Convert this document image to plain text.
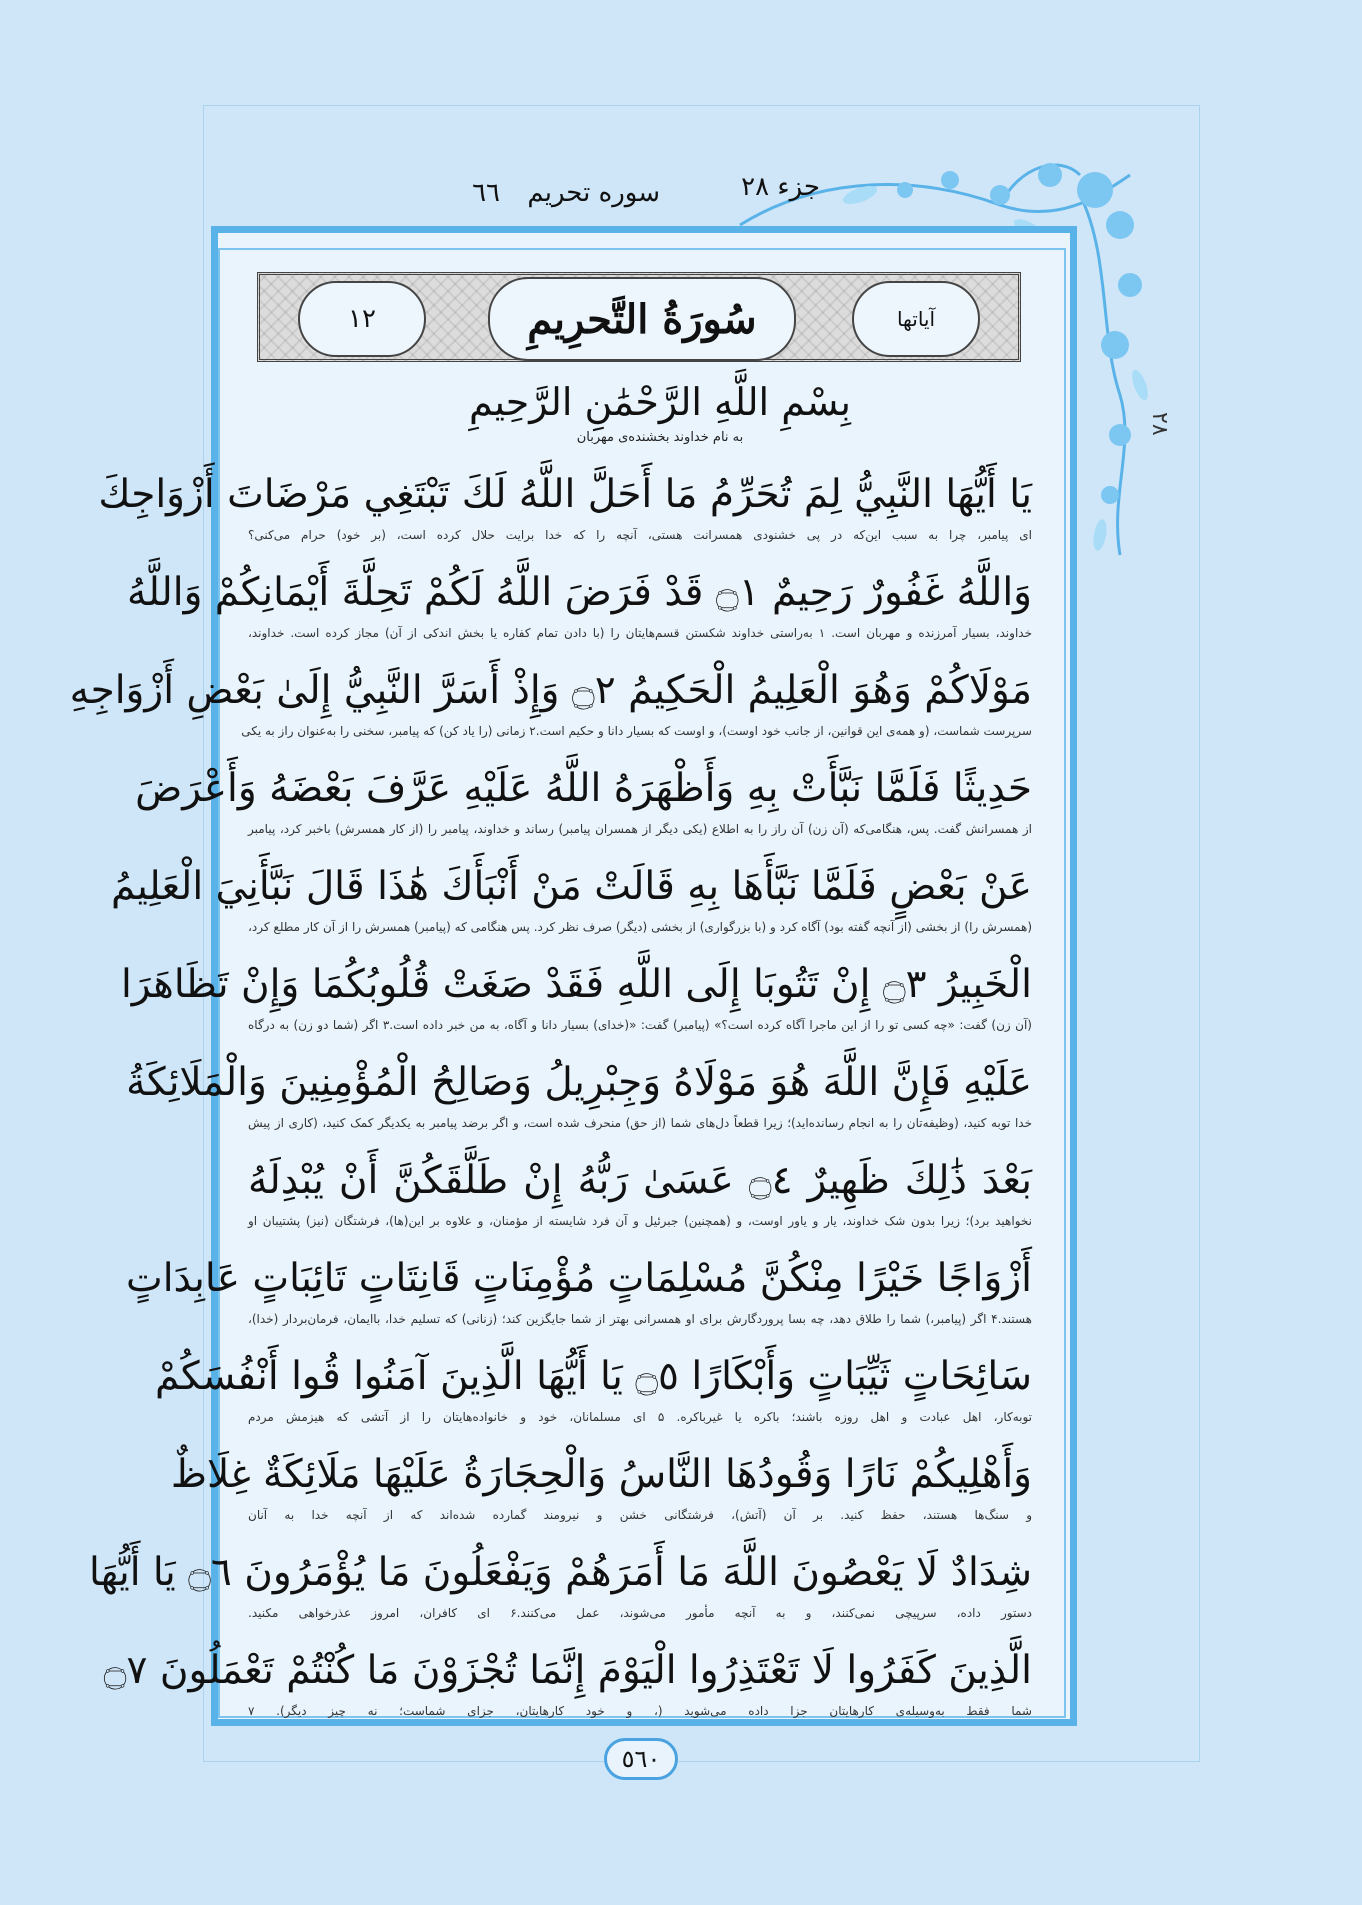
جزء ۲۸
سوره تحریم
٦٦
۲۸
آیاتها
سُورَةُ التَّحرِيمِ
١٢
بِسْمِ اللَّهِ الرَّحْمَٰنِ الرَّحِيمِ
به نام خداوند بخشنده‌ی مهربان
يَا أَيُّهَا النَّبِيُّ لِمَ تُحَرِّمُ مَا أَحَلَّ اللَّهُ لَكَ تَبْتَغِي مَرْضَاتَ أَزْوَاجِكَ
ای پیامبر، چرا به سبب این‌که در پی خشنودی همسرانت هستی، آنچه را که خدا برایت حلال کرده است، (بر خود) حرام می‌کنی؟
وَاللَّهُ غَفُورٌ رَحِيمٌ ۝١ قَدْ فَرَضَ اللَّهُ لَكُمْ تَحِلَّةَ أَيْمَانِكُمْ وَاللَّهُ
خداوند، بسیار آمرزنده و مهربان است. ۱ به‌راستی خداوند شکستن قسم‌هایتان را (با دادن تمام کفاره یا بخش اندکی از آن) مجاز کرده است. خداوند،
مَوْلَاكُمْ وَهُوَ الْعَلِيمُ الْحَكِيمُ ۝٢ وَإِذْ أَسَرَّ النَّبِيُّ إِلَىٰ بَعْضِ أَزْوَاجِهِ
سرپرست شماست، (و همه‌ی این قوانین، از جانب خود اوست)، و اوست که بسیار دانا و حکیم است.۲ زمانی (را یاد کن) که پیامبر، سخنی را به‌عنوان راز به یکی
حَدِيثًا فَلَمَّا نَبَّأَتْ بِهِ وَأَظْهَرَهُ اللَّهُ عَلَيْهِ عَرَّفَ بَعْضَهُ وَأَعْرَضَ
از همسرانش گفت. پس، هنگامی‌که (آن زن) آن راز را به اطلاع (یکی دیگر از همسران پیامبر) رساند و خداوند، پیامبر را (از کار همسرش) باخبر کرد، پیامبر
عَنْ بَعْضٍ فَلَمَّا نَبَّأَهَا بِهِ قَالَتْ مَنْ أَنْبَأَكَ هَٰذَا قَالَ نَبَّأَنِيَ الْعَلِيمُ
(همسرش را) از بخشی (از آنچه گفته بود) آگاه کرد و (با بزرگواری) از بخشی (دیگر) صرف نظر کرد. پس هنگامی که (پیامبر) همسرش را از آن کار مطلع کرد،
الْخَبِيرُ ۝٣ إِنْ تَتُوبَا إِلَى اللَّهِ فَقَدْ صَغَتْ قُلُوبُكُمَا وَإِنْ تَظَاهَرَا
(آن زن) گفت: «چه کسی تو را از این ماجرا آگاه کرده است؟» (پیامبر) گفت: «(خدای) بسیار دانا و آگاه، به من خبر داده است.۳ اگر (شما دو زن) به درگاه
عَلَيْهِ فَإِنَّ اللَّهَ هُوَ مَوْلَاهُ وَجِبْرِيلُ وَصَالِحُ الْمُؤْمِنِينَ وَالْمَلَائِكَةُ
خدا توبه کنید، (وظیفه‌تان را به انجام رسانده‌اید)؛ زیرا قطعاً دل‌های شما (از حق) منحرف شده است، و اگر برضد پیامبر به یکدیگر کمک کنید، (کاری از پیش
بَعْدَ ذَٰلِكَ ظَهِيرٌ ۝٤ عَسَىٰ رَبُّهُ إِنْ طَلَّقَكُنَّ أَنْ يُبْدِلَهُ
نخواهید برد)؛ زیرا بدون شک خداوند، یار و یاور اوست، و (همچنین) جبرئیل و آن فرد شایسته از مؤمنان، و علاوه بر این(ها)، فرشتگان (نیز) پشتیبان او
أَزْوَاجًا خَيْرًا مِنْكُنَّ مُسْلِمَاتٍ مُؤْمِنَاتٍ قَانِتَاتٍ تَائِبَاتٍ عَابِدَاتٍ
هستند.۴ اگر (پیامبر،) شما را طلاق دهد، چه بسا پروردگارش برای او همسرانی بهتر از شما جایگزین کند؛ (زنانی) که تسلیم خدا، باایمان، فرمان‌بردار (خدا)،
سَائِحَاتٍ ثَيِّبَاتٍ وَأَبْكَارًا ۝٥ يَا أَيُّهَا الَّذِينَ آمَنُوا قُوا أَنْفُسَكُمْ
توبه‌کار، اهل عبادت و اهل روزه باشند؛ باکره یا غیرباکره. ۵ ای مسلمانان، خود و خانواده‌هایتان را از آتشی که هیزمش مردم
وَأَهْلِيكُمْ نَارًا وَقُودُهَا النَّاسُ وَالْحِجَارَةُ عَلَيْهَا مَلَائِكَةٌ غِلَاظٌ
و سنگ‌ها هستند، حفظ کنید. بر آن (آتش)، فرشتگانی خشن و نیرومند گمارده شده‌اند که از آنچه خدا به آنان
شِدَادٌ لَا يَعْصُونَ اللَّهَ مَا أَمَرَهُمْ وَيَفْعَلُونَ مَا يُؤْمَرُونَ ۝٦ يَا أَيُّهَا
دستور داده، سرپیچی نمی‌کنند، و به آنچه مأمور می‌شوند، عمل می‌کنند.۶ ای کافران، امروز عذرخواهی مکنید.
الَّذِينَ كَفَرُوا لَا تَعْتَذِرُوا الْيَوْمَ إِنَّمَا تُجْزَوْنَ مَا كُنْتُمْ تَعْمَلُونَ ۝٧
شما فقط به‌وسیله‌ی کارهایتان جزا داده می‌شوید (، و خود کارهایتان، جزای شماست؛ نه چیز دیگر). ۷
٥٦٠
